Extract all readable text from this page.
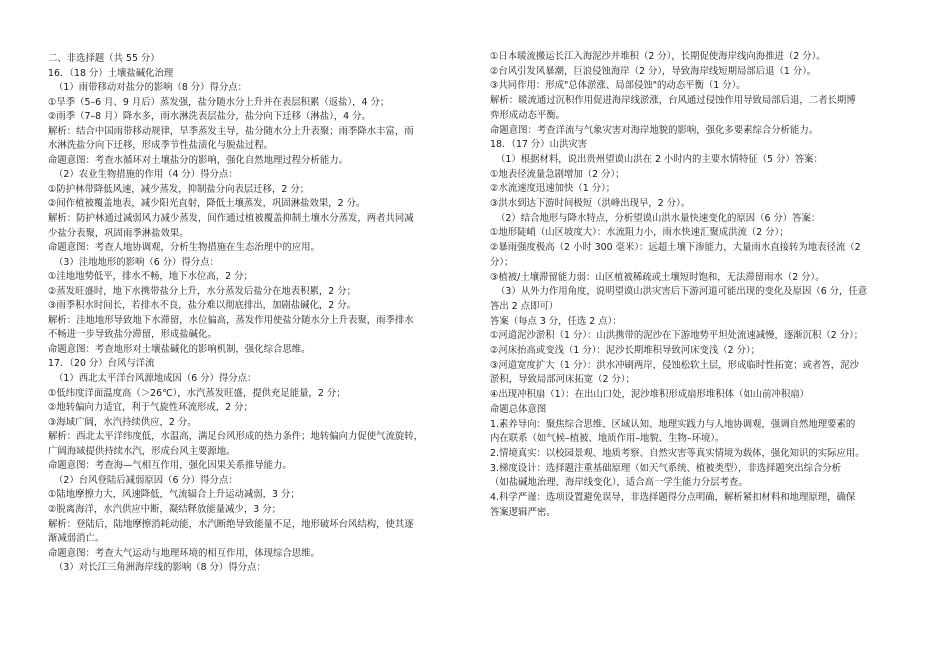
二、非选择题（共 55 分）
16．（18 分）土壤盐碱化治理
（1）雨带移动对盐分的影响（8 分）得分点：
①旱季（5–6 月、9 月后）蒸发强，盐分随水分上升并在表层积累（返盐），4 分；
②雨季（7–8 月）降水多，雨水淋洗表层盐分，盐分向下迁移（淋盐），4 分。
解析：结合中国雨带移动规律，旱季蒸发主导，盐分随水分上升表聚；雨季降水丰富，雨
水淋洗盐分向下迁移，形成季节性盐渍化与脱盐过程。
命题意图：考查水循环对土壤盐分的影响，强化自然地理过程分析能力。
（2）农业生物措施的作用（4 分）得分点：
①防护林带降低风速，减少蒸发，抑制盐分向表层迁移，2 分；
②间作植被覆盖地表，减少阳光直射，降低土壤蒸发，巩固淋盐效果，2 分。
解析：防护林通过减弱风力减少蒸发，间作通过植被覆盖抑制土壤水分蒸发，两者共同减
少盐分表聚，巩固雨季淋盐效果。
命题意图：考查人地协调观，分析生物措施在生态治理中的应用。
（3）洼地地形的影响（6 分）得分点：
①洼地地势低平，排水不畅，地下水位高，2 分；
②蒸发旺盛时，地下水携带盐分上升，水分蒸发后盐分在地表积累，2 分；
③雨季积水时间长，若排水不良，盐分难以彻底排出，加剧盐碱化，2 分。
解析：洼地地形导致地下水滞留，水位偏高，蒸发作用使盐分随水分上升表聚，雨季排水
不畅进一步导致盐分滞留，形成盐碱化。
命题意图：考查地形对土壤盐碱化的影响机制，强化综合思维。
17．（20 分）台风与洋流
（1）西北太平洋台风源地成因（6 分）得分点：
①低纬度洋面温度高（＞26℃），水汽蒸发旺盛，提供充足能量，2 分；
②地转偏向力适宜，利于气旋性环流形成，2 分；
③海域广阔，水汽持续供应，2 分。
解析：西北太平洋纬度低，水温高，满足台风形成的热力条件；地转偏向力促使气流旋转，
广阔海域提供持续水汽，形成台风主要源地。
命题意图：考查海—气相互作用，强化因果关系推导能力。
（2）台风登陆后减弱原因（6 分）得分点：
①陆地摩擦力大，风速降低，气流辐合上升运动减弱，3 分；
②脱离海洋，水汽供应中断，凝结释放能量减少，3 分；
解析：登陆后，陆地摩擦消耗动能，水汽断绝导致能量不足，地形破坏台风结构，使其逐
渐减弱消亡。
命题意图：考查大气运动与地理环境的相互作用，体现综合思维。
（3）对长江三角洲海岸线的影响（8 分）得分点：
①日本暖流搬运长江入海泥沙并堆积（2 分），长期促使海岸线向海推进（2 分）。
②台风引发风暴潮，巨浪侵蚀海岸（2 分），导致海岸线短期局部后退（1 分）。
③共同作用：形成"总体淤涨、局部侵蚀"的动态平衡（1 分）。
解析：暖流通过沉积作用促进海岸线淤涨，台风通过侵蚀作用导致局部后退，二者长期博
弈形成动态平衡。
命题意图：考查洋流与气象灾害对海岸地貌的影响，强化多要素综合分析能力。
18．（17 分）山洪灾害
（1）根据材料，说出贵州望谟山洪在 2 小时内的主要水情特征（5 分）答案：
①地表径流量急剧增加（2 分）；
②水流速度迅速加快（1 分）；
③洪水到达下游时间极短（洪峰出现早，2 分）。
（2）结合地形与降水特点，分析望谟山洪水量快速变化的原因（6 分）答案：
①地形陡峭（山区坡度大）：水流阻力小，雨水快速汇聚成洪流（2 分）；
②暴雨强度极高（2 小时 300 毫米）：远超土壤下渗能力，大量雨水直接转为地表径流（2
分）；
③植被/土壤滞留能力弱：山区植被稀疏或土壤短时饱和，无法滞留雨水（2 分）。
（3）从外力作用角度，说明望谟山洪灾害后下游河道可能出现的变化及原因（6 分，任意
答出 2 点即可）
答案（每点 3 分，任选 2 点）：
①河道泥沙淤积（1 分）：山洪携带的泥沙在下游地势平坦处流速减慢，逐渐沉积（2 分）；
②河床抬高或变浅（1 分）：泥沙长期堆积导致河床变浅（2 分）；
③河道宽度扩大（1 分）：洪水冲刷两岸，侵蚀松软土层，形成临时性拓宽；或者答，泥沙
淤积，导致局部河床拓宽（2 分）；
④出现冲积扇（1）：在出山口处，泥沙堆积形成扇形堆积体（如山前冲积扇）
命题总体意图
1.素养导向：聚焦综合思维、区域认知、地理实践力与人地协调观，强调自然地理要素的
内在联系（如气候–植被、地质作用–地貌、生物–环境）。
2.情境真实：以校园景观、地质考察、自然灾害等真实情境为载体，强化知识的实际应用。
3.梯度设计：选择题注重基础原理（如天气系统、植被类型），非选择题突出综合分析
（如盐碱地治理、海岸线变化），适合高一学生能力分层考查。
4.科学严谨：选项设置避免误导，非选择题得分点明确，解析紧扣材料和地理原理，确保
答案逻辑严密。
